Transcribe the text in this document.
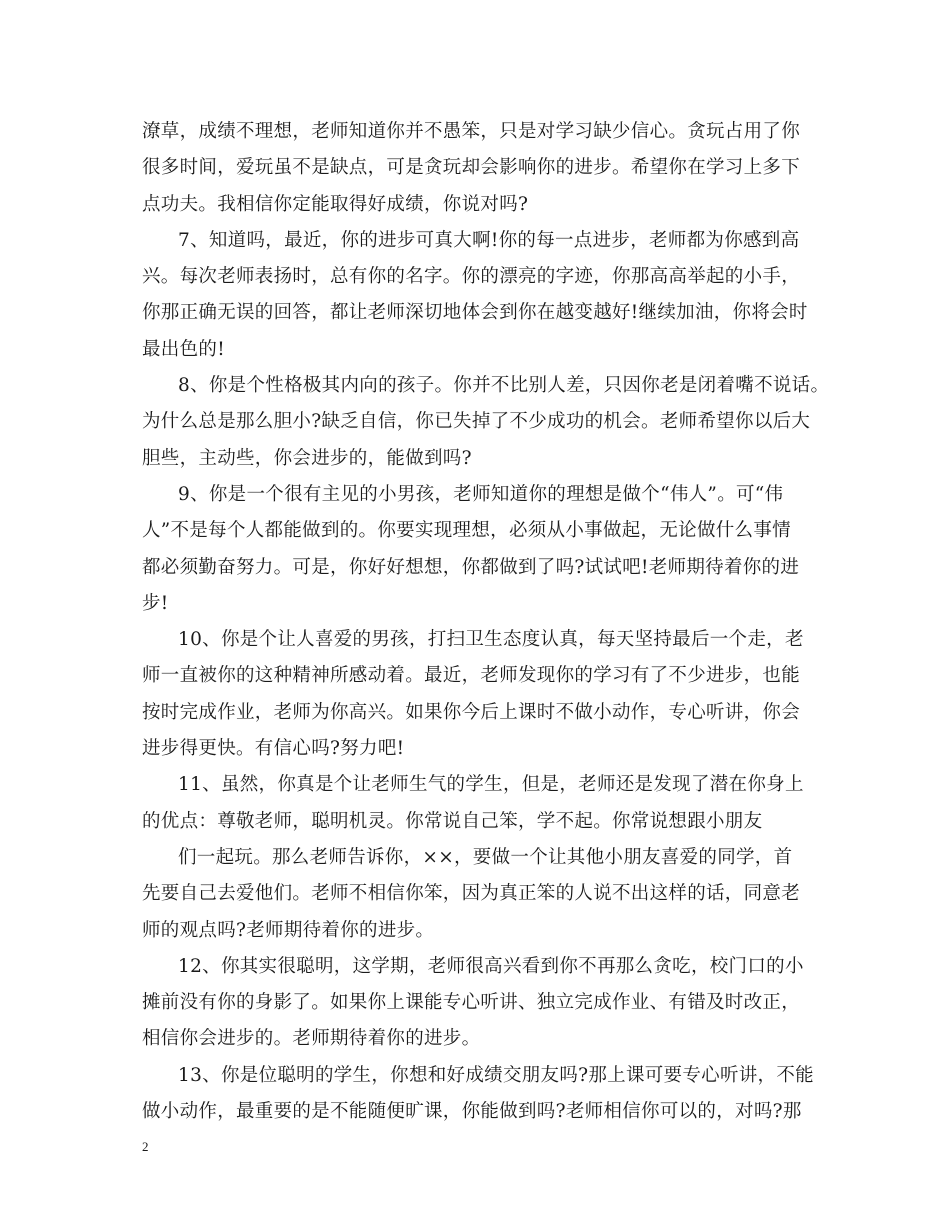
潦草，成绩不理想，老师知道你并不愚笨，只是对学习缺少信心。贪玩占用了你
很多时间，爱玩虽不是缺点，可是贪玩却会影响你的进步。希望你在学习上多下
点功夫。我相信你定能取得好成绩，你说对吗?
7、知道吗，最近，你的进步可真大啊!你的每一点进步，老师都为你感到高
兴。每次老师表扬时，总有你的名字。你的漂亮的字迹，你那高高举起的小手，
你那正确无误的回答，都让老师深切地体会到你在越变越好!继续加油，你将会时
最出色的!
8、你是个性格极其内向的孩子。你并不比别人差，只因你老是闭着嘴不说话。
为什么总是那么胆小?缺乏自信，你已失掉了不少成功的机会。老师希望你以后大
胆些，主动些，你会进步的，能做到吗?
9、你是一个很有主见的小男孩，老师知道你的理想是做个“伟人”。可“伟
人”不是每个人都能做到的。你要实现理想，必须从小事做起，无论做什么事情
都必须勤奋努力。可是，你好好想想，你都做到了吗?试试吧!老师期待着你的进
步!
10、你是个让人喜爱的男孩，打扫卫生态度认真，每天坚持最后一个走，老
师一直被你的这种精神所感动着。最近，老师发现你的学习有了不少进步，也能
按时完成作业，老师为你高兴。如果你今后上课时不做小动作，专心听讲，你会
进步得更快。有信心吗?努力吧!
11、虽然，你真是个让老师生气的学生，但是，老师还是发现了潜在你身上
的优点：尊敬老师，聪明机灵。你常说自己笨，学不起。你常说想跟小朋友
们一起玩。那么老师告诉你，××，要做一个让其他小朋友喜爱的同学，首
先要自己去爱他们。老师不相信你笨，因为真正笨的人说不出这样的话，同意老
师的观点吗?老师期待着你的进步。
12、你其实很聪明，这学期，老师很高兴看到你不再那么贪吃，校门口的小
摊前没有你的身影了。如果你上课能专心听讲、独立完成作业、有错及时改正，
相信你会进步的。老师期待着你的进步。
13、你是位聪明的学生，你想和好成绩交朋友吗?那上课可要专心听讲，不能
做小动作，最重要的是不能随便旷课，你能做到吗?老师相信你可以的，对吗?那
2
